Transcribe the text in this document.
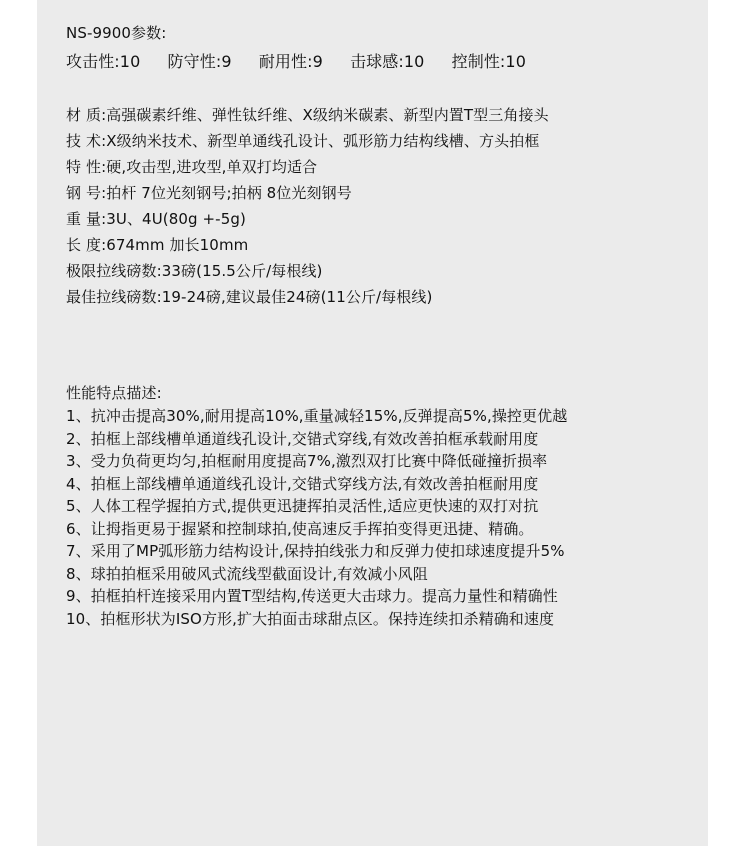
NS-9900参数:
攻击性:10 防守性:9 耐用性:9 击球感:10 控制性:10
材 质:高强碳素纤维、弹性钛纤维、X级纳米碳素、新型内置T型三角接头
技 术:X级纳米技术、新型单通线孔设计、弧形筋力结构线槽、方头拍框
特 性:硬,攻击型,进攻型,单双打均适合
钢 号:拍杆 7位光刻钢号;拍柄 8位光刻钢号
重 量:3U、4U(80g +-5g)
长 度:674mm 加长10mm
极限拉线磅数:33磅(15.5公斤/每根线)
最佳拉线磅数:19-24磅,建议最佳24磅(11公斤/每根线)
性能特点描述:
1、抗冲击提高30%,耐用提高10%,重量减轻15%,反弹提高5%,操控更优越
2、拍框上部线槽单通道线孔设计,交错式穿线,有效改善拍框承载耐用度
3、受力负荷更均匀,拍框耐用度提高7%,激烈双打比赛中降低碰撞折损率
4、拍框上部线槽单通道线孔设计,交错式穿线方法,有效改善拍框耐用度
5、人体工程学握拍方式,提供更迅捷挥拍灵活性,适应更快速的双打对抗
6、让拇指更易于握紧和控制球拍,使高速反手挥拍变得更迅捷、精确。
7、采用了MP弧形筋力结构设计,保持拍线张力和反弹力使扣球速度提升5%
8、球拍拍框采用破风式流线型截面设计,有效减小风阻
9、拍框拍杆连接采用内置T型结构,传送更大击球力。提高力量性和精确性
10、拍框形状为ISO方形,扩大拍面击球甜点区。保持连续扣杀精确和速度
